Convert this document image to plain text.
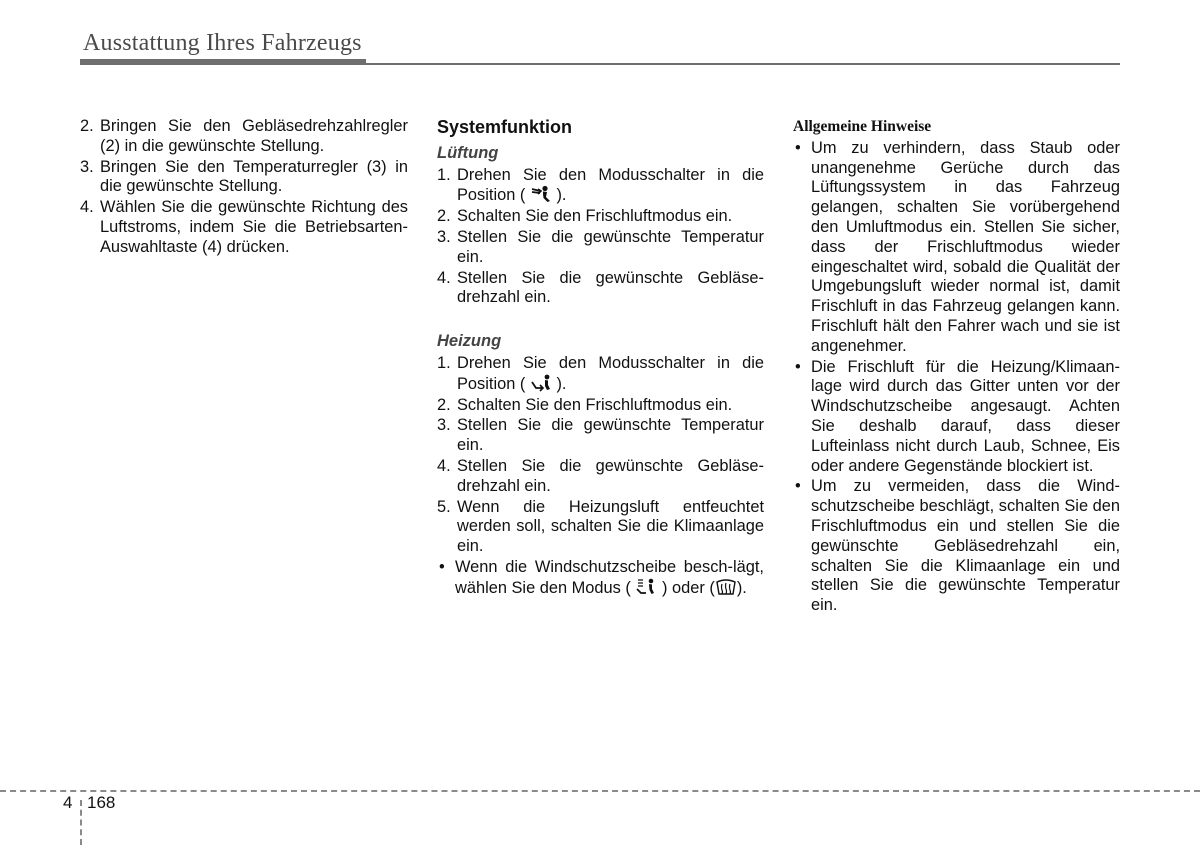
Ausstattung Ihres Fahrzeugs
2. Bringen Sie den Gebläsedrehzahlregler (2) in die gewünschte Stellung.
3. Bringen Sie den Temperaturregler (3) in die gewünschte Stellung.
4. Wählen Sie die gewünschte Richtung des Luftstroms, indem Sie die Betriebsarten-Auswahltaste (4) drücken.
Systemfunktion
Lüftung
1. Drehen Sie den Modusschalter in die Position ( ).
2. Schalten Sie den Frischluftmodus ein.
3. Stellen Sie die gewünschte Temperatur ein.
4. Stellen Sie die gewünschte Gebläse-drehzahl ein.
Heizung
1. Drehen Sie den Modusschalter in die Position ( ).
2. Schalten Sie den Frischluftmodus ein.
3. Stellen Sie die gewünschte Temperatur ein.
4. Stellen Sie die gewünschte Gebläse-drehzahl ein.
5. Wenn die Heizungsluft entfeuchtet werden soll, schalten Sie die Klimaanlage ein.
• Wenn die Windschutzscheibe besch-lägt, wählen Sie den Modus ( ) oder ( ).
Allgemeine Hinweise
• Um zu verhindern, dass Staub oder unangenehme Gerüche durch das Lüftungssystem in das Fahrzeug gelangen, schalten Sie vorübergehend den Umluftmodus ein. Stellen Sie sicher, dass der Frischluftmodus wieder eingeschaltet wird, sobald die Qualität der Umgebungsluft wieder normal ist, damit Frischluft in das Fahrzeug gelangen kann. Frischluft hält den Fahrer wach und sie ist angenehmer.
• Die Frischluft für die Heizung/Klimaan-lage wird durch das Gitter unten vor der Windschutzscheibe angesaugt. Achten Sie deshalb darauf, dass dieser Lufteinlass nicht durch Laub, Schnee, Eis oder andere Gegenstände blockiert ist.
• Um zu vermeiden, dass die Wind-schutzscheibe beschlägt, schalten Sie den Frischluftmodus ein und stellen Sie die gewünschte Gebläsedrehzahl ein, schalten Sie die Klimaanlage ein und stellen Sie die gewünschte Temperatur ein.
4 168
